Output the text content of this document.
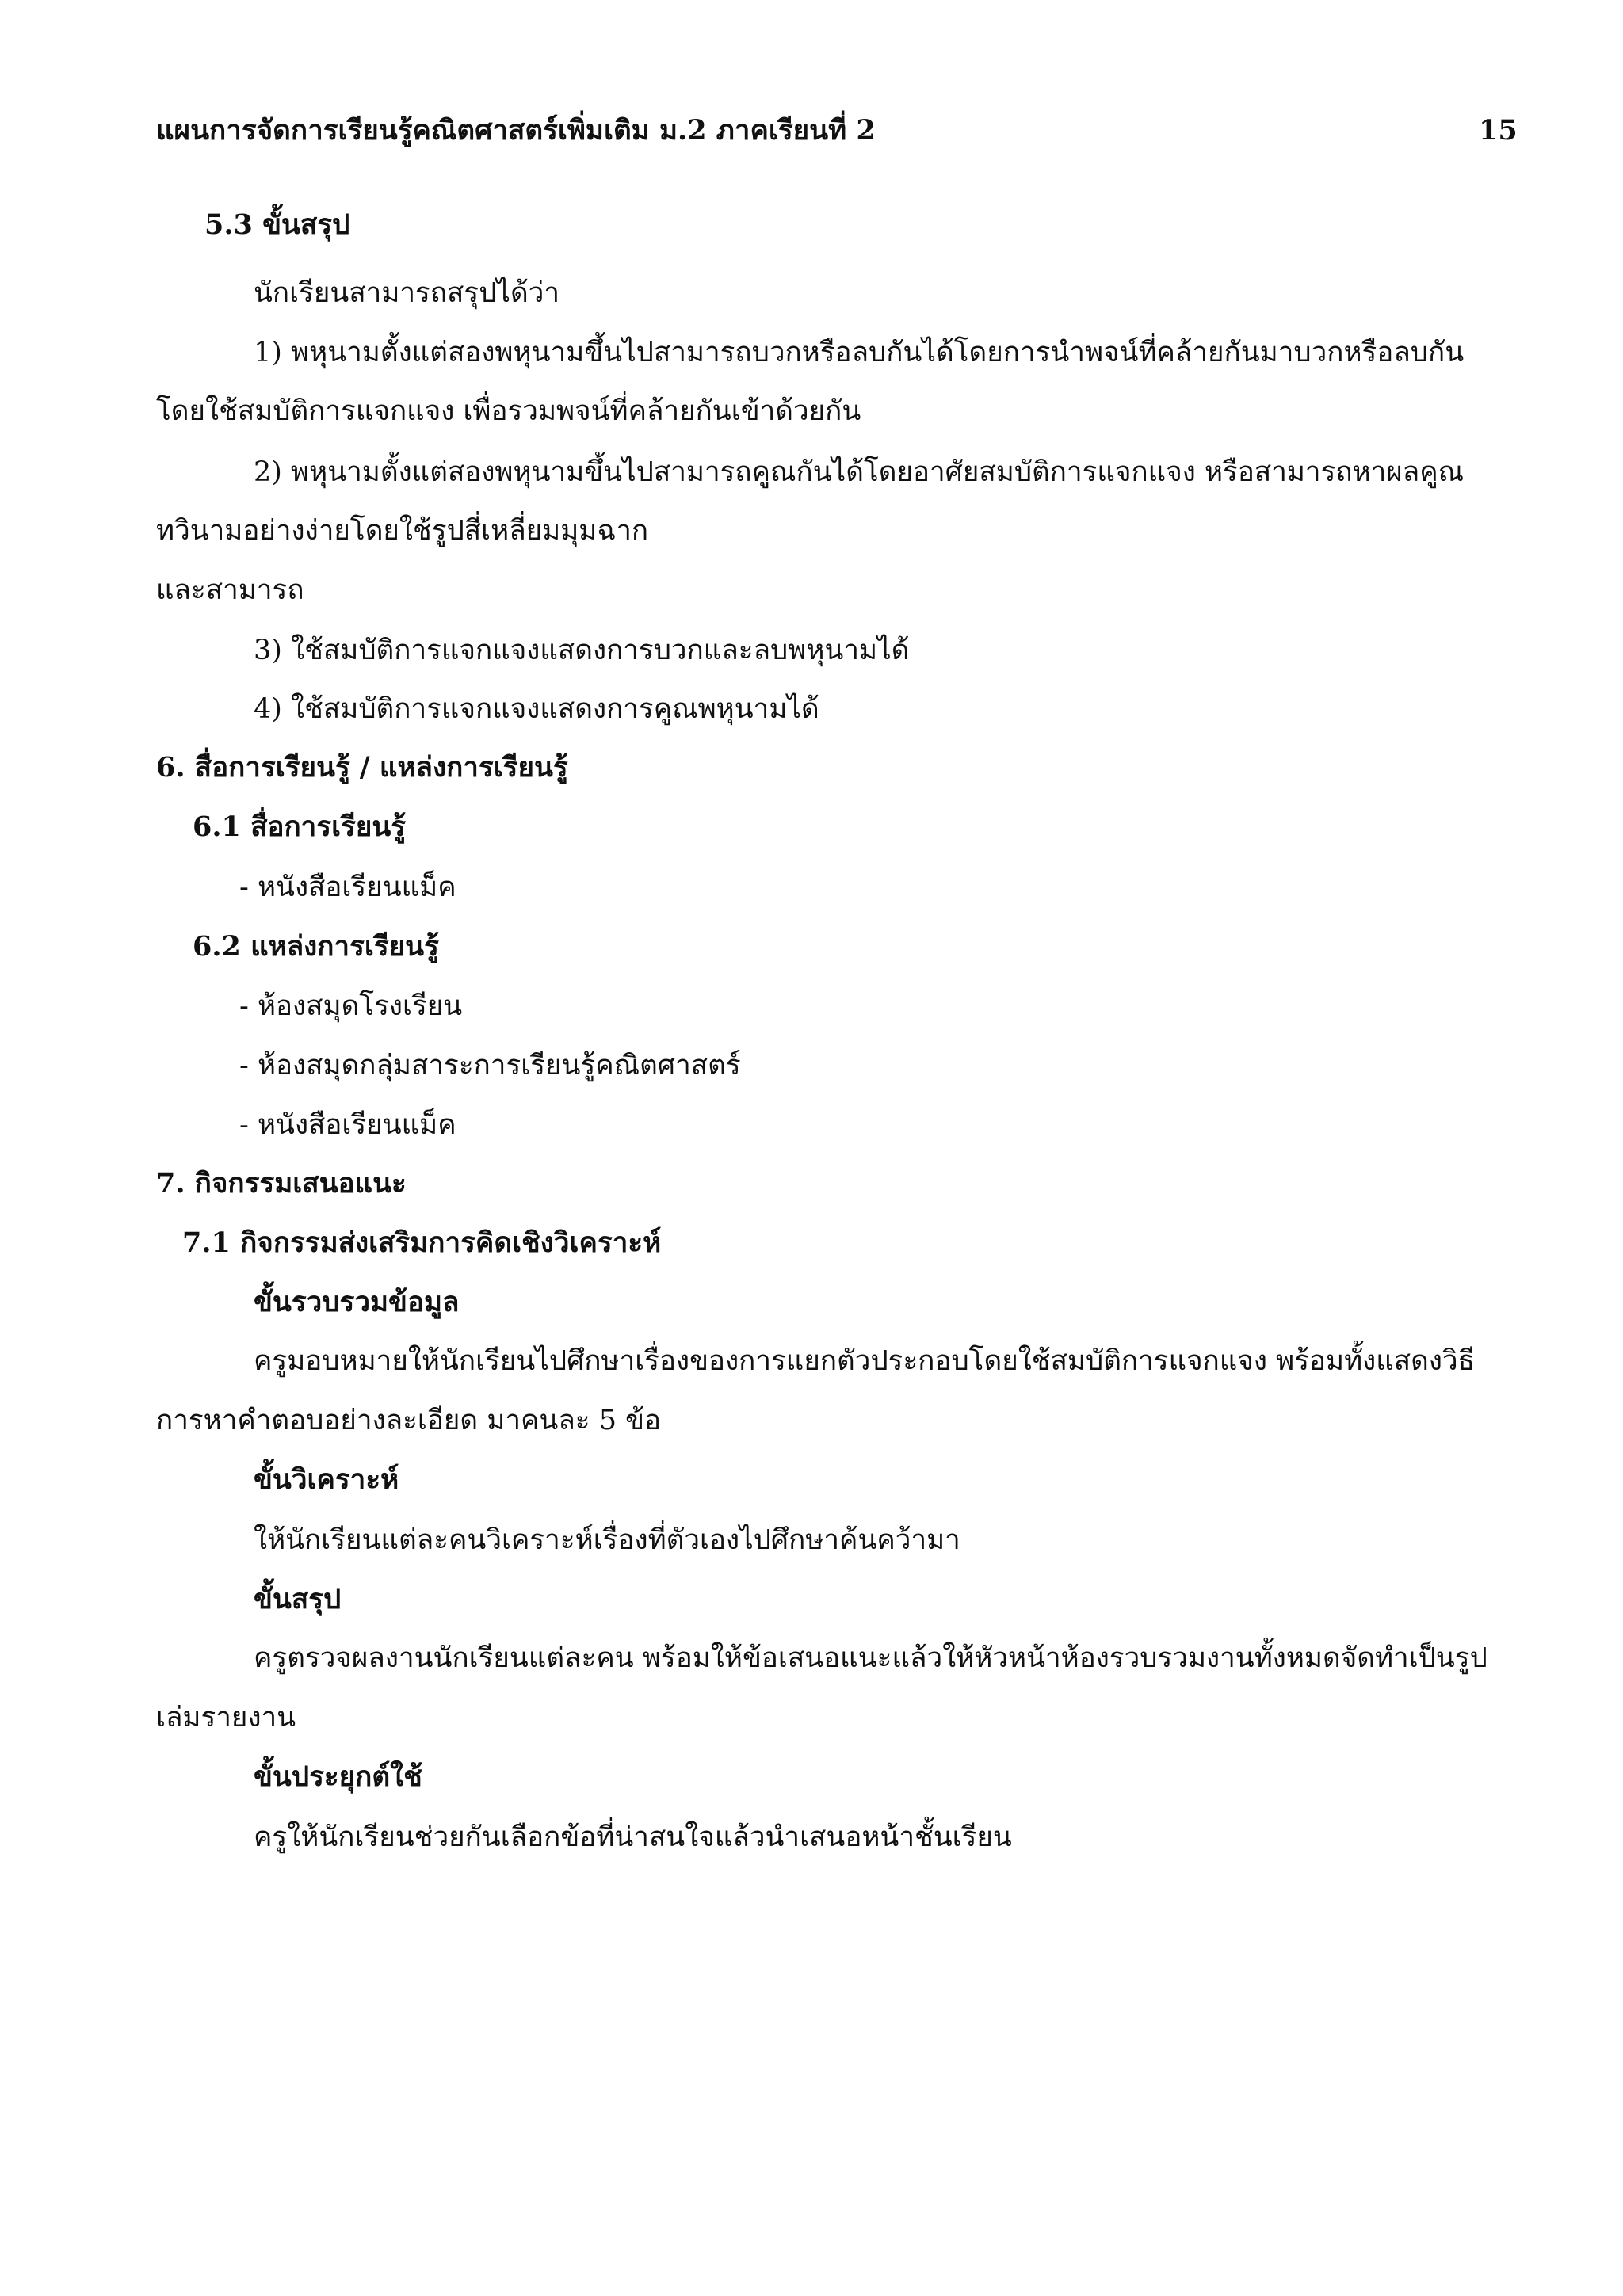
แผนการจัดการเรียนรู้คณิตศาสตร์เพิ่มเติม ม.2 ภาคเรียนที่ 2	15
5.3 ขั้นสรุป
นักเรียนสามารถสรุปได้ว่า
1) พหุนามตั้งแต่สองพหุนามขึ้นไปสามารถบวกหรือลบกันได้โดยการนำพจน์ที่คล้ายกันมาบวกหรือลบกัน
โดยใช้สมบัติการแจกแจง เพื่อรวมพจน์ที่คล้ายกันเข้าด้วยกัน
2) พหุนามตั้งแต่สองพหุนามขึ้นไปสามารถคูณกันได้โดยอาศัยสมบัติการแจกแจง หรือสามารถหาผลคูณ
ทวินามอย่างง่ายโดยใช้รูปสี่เหลี่ยมมุมฉาก
และสามารถ
3) ใช้สมบัติการแจกแจงแสดงการบวกและลบพหุนามได้
4) ใช้สมบัติการแจกแจงแสดงการคูณพหุนามได้
6. สื่อการเรียนรู้ / แหล่งการเรียนรู้
6.1 สื่อการเรียนรู้
- หนังสือเรียนแม็ค
6.2 แหล่งการเรียนรู้
- ห้องสมุดโรงเรียน
- ห้องสมุดกลุ่มสาระการเรียนรู้คณิตศาสตร์
- หนังสือเรียนแม็ค
7. กิจกรรมเสนอแนะ
7.1 กิจกรรมส่งเสริมการคิดเชิงวิเคราะห์
ขั้นรวบรวมข้อมูล
ครูมอบหมายให้นักเรียนไปศึกษาเรื่องของการแยกตัวประกอบโดยใช้สมบัติการแจกแจง พร้อมทั้งแสดงวิธี
การหาคำตอบอย่างละเอียด มาคนละ 5 ข้อ
ขั้นวิเคราะห์
ให้นักเรียนแต่ละคนวิเคราะห์เรื่องที่ตัวเองไปศึกษาค้นคว้ามา
ขั้นสรุป
ครูตรวจผลงานนักเรียนแต่ละคน พร้อมให้ข้อเสนอแนะแล้วให้หัวหน้าห้องรวบรวมงานทั้งหมดจัดทำเป็นรูป
เล่มรายงาน
ขั้นประยุกต์ใช้
ครูให้นักเรียนช่วยกันเลือกข้อที่น่าสนใจแล้วนำเสนอหน้าชั้นเรียน
